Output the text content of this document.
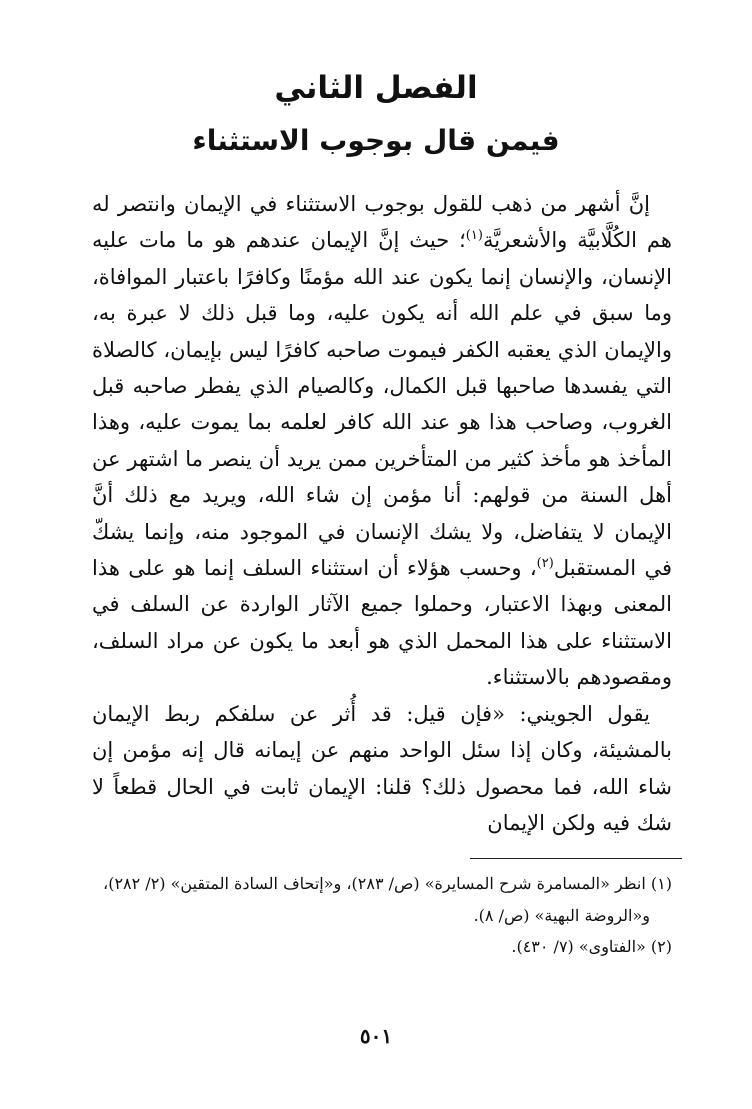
الفصل الثاني
فيمن قال بوجوب الاستثناء

إنَّ أشهر من ذهب للقول بوجوب الاستثناء في الإيمان وانتصر له هم الكُلَّابيَّة والأشعريَّة$^{(١)}$؛ حيث إنَّ الإيمان عندهم هو ما مات عليه الإنسان، والإنسان إنما يكون عند الله مؤمنًا وكافرًا باعتبار الموافاة، وما سبق في علم الله أنه يكون عليه، وما قبل ذلك لا عبرة به، والإيمان الذي يعقبه الكفر فيموت صاحبه كافرًا ليس بإيمان، كالصلاة التي يفسدها صاحبها قبل الكمال، وكالصيام الذي يفطر صاحبه قبل الغروب، وصاحب هذا هو عند الله كافر لعلمه بما يموت عليه، وهذا المأخذ هو مأخذ كثير من المتأخرين ممن يريد أن ينصر ما اشتهر عن أهل السنة من قولهم: أنا مؤمن إن شاء الله، ويريد مع ذلك أنَّ الإيمان لا يتفاضل، ولا يشك الإنسان في الموجود منه، وإنما يشكّ في المستقبل$^{(٢)}$، وحسب هؤلاء أن استثناء السلف إنما هو على هذا المعنى وبهذا الاعتبار، وحملوا جميع الآثار الواردة عن السلف في الاستثناء على هذا المحمل الذي هو أبعد ما يكون عن مراد السلف، ومقصودهم بالاستثناء.

يقول الجويني: «فإن قيل: قد أُثر عن سلفكم ربط الإيمان بالمشيئة، وكان إذا سئل الواحد منهم عن إيمانه قال إنه مؤمن إن شاء الله، فما محصول ذلك؟ قلنا: الإيمان ثابت في الحال قطعاً لا شك فيه ولكن الإيمان

(١) انظر «المسامرة شرح المسايرة» (ص/ ٢٨٣)، و«إتحاف السادة المتقين» (٢/ ٢٨٢)،

و«الروضة البهية» (ص/ ٨).

(٢) «الفتاوى» (٧/ ٤٣٠).

٥٠١
